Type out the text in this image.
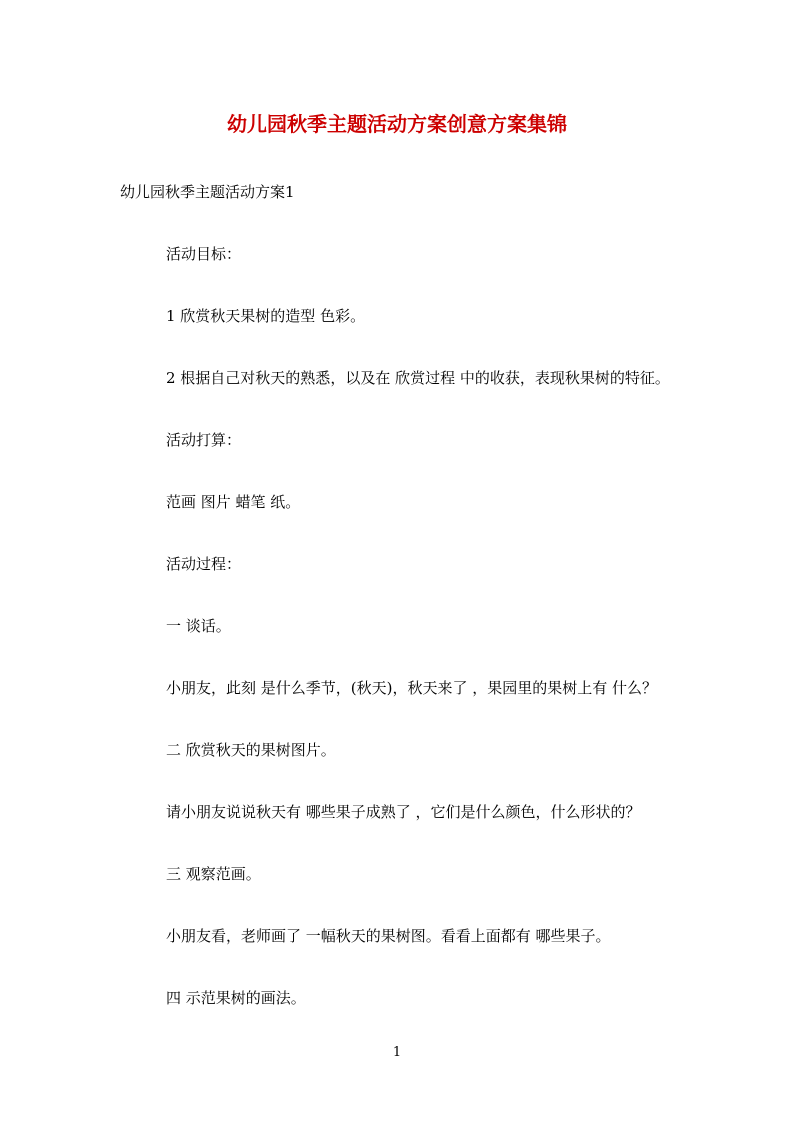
幼儿园秋季主题活动方案创意方案集锦
幼儿园秋季主题活动方案1
活动目标：
1 欣赏秋天果树的造型 色彩。
2 根据自己对秋天的熟悉，以及在 欣赏过程 中的收获，表现秋果树的特征。
活动打算：
范画 图片 蜡笔 纸。
活动过程：
一 谈话。
小朋友，此刻 是什么季节，(秋天)，秋天来了 ，果园里的果树上有 什么？
二 欣赏秋天的果树图片。
请小朋友说说秋天有 哪些果子成熟了 ，它们是什么颜色，什么形状的？
三 观察范画。
小朋友看，老师画了 一幅秋天的果树图。看看上面都有 哪些果子。
四 示范果树的画法。
1
